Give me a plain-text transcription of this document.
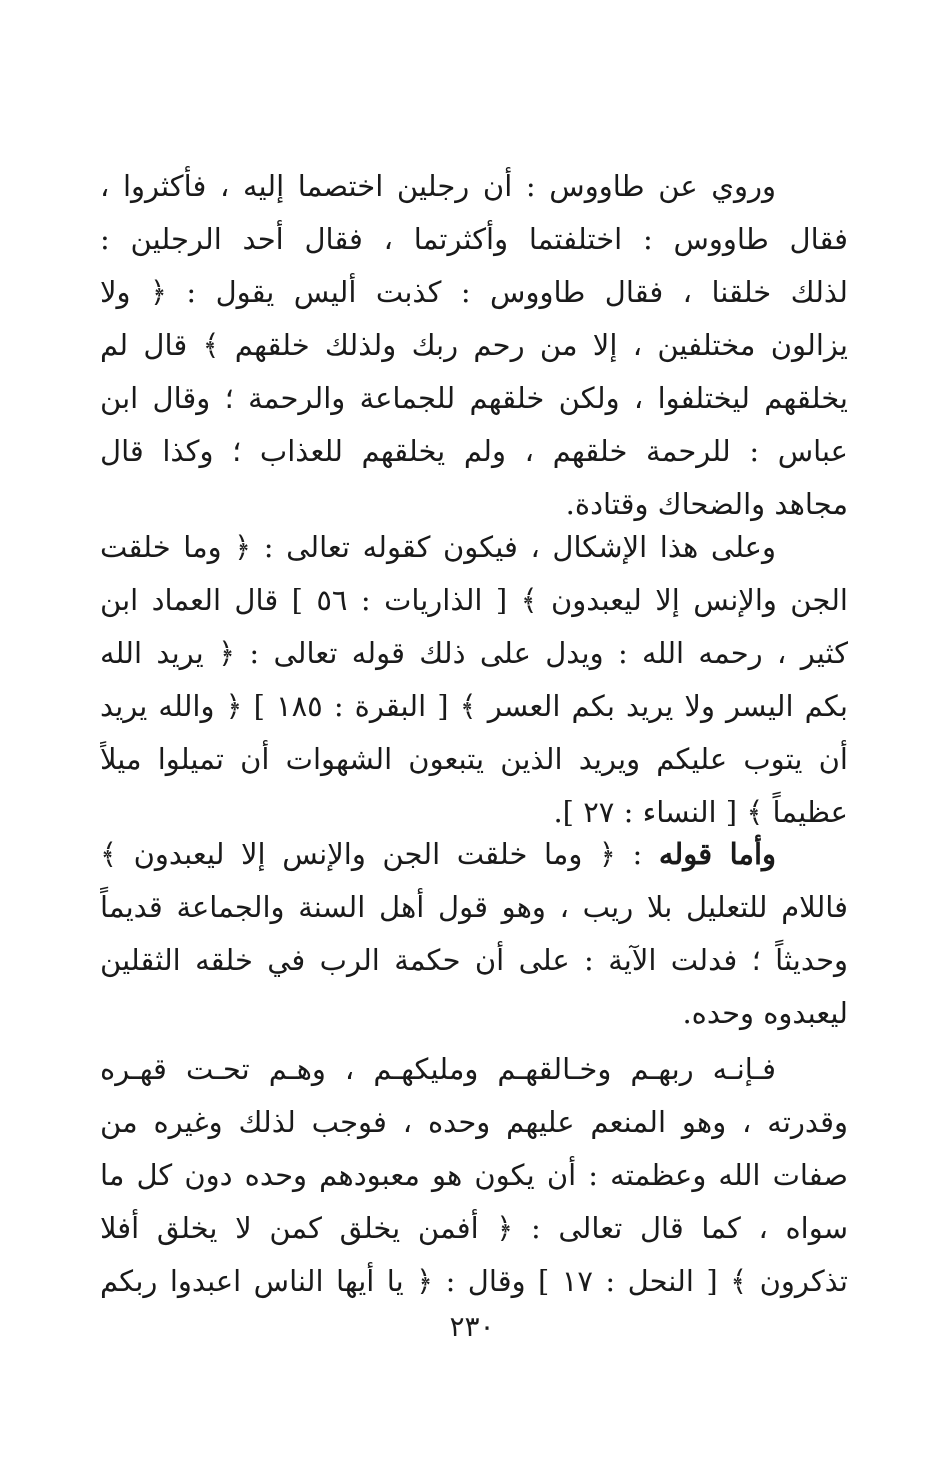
وروي عن طاووس : أن رجلين اختصما إليه ، فأكثروا ،
فقال طاووس : اختلفتما وأكثرتما ، فقال أحد الرجلين :
لذلك خلقنا ، فقال طاووس : كذبت أليس يقول : ﴿ ولا
يزالون مختلفين ، إلا من رحم ربك ولذلك خلقهم ﴾ قال لم
يخلقهم ليختلفوا ، ولكن خلقهم للجماعة والرحمة ؛ وقال ابن
عباس : للرحمة خلقهم ، ولم يخلقهم للعذاب ؛ وكذا قال
مجاهد والضحاك وقتادة.

وعلى هذا الإشكال ، فيكون كقوله تعالى : ﴿ وما خلقت
الجن والإنس إلا ليعبدون ﴾ [ الذاريات : ٥٦ ] قال العماد ابن
كثير ، رحمه الله : ويدل على ذلك قوله تعالى : ﴿ يريد الله
بكم اليسر ولا يريد بكم العسر ﴾ [ البقرة : ١٨٥ ] ﴿ والله يريد
أن يتوب عليكم ويريد الذين يتبعون الشهوات أن تميلوا ميلاً
عظيماً ﴾ [ النساء : ٢٧ ].

وأما قوله : ﴿ وما خلقت الجن والإنس إلا ليعبدون ﴾
فاللام للتعليل بلا ريب ، وهو قول أهل السنة والجماعة قديماً
وحديثاً ؛ فدلت الآية : على أن حكمة الرب في خلقه الثقلين
ليعبدوه وحده.

فـإنـه ربهـم وخـالقهـم ومليكهـم ، وهـم تحـت قهـره
وقدرته ، وهو المنعم عليهم وحده ، فوجب لذلك وغيره من
صفات الله وعظمته : أن يكون هو معبودهم وحده دون كل ما
سواه ، كما قال تعالى : ﴿ أفمن يخلق كمن لا يخلق أفلا
تذكرون ﴾ [ النحل : ١٧ ] وقال : ﴿ يا أيها الناس اعبدوا ربكم

٢٣٠
